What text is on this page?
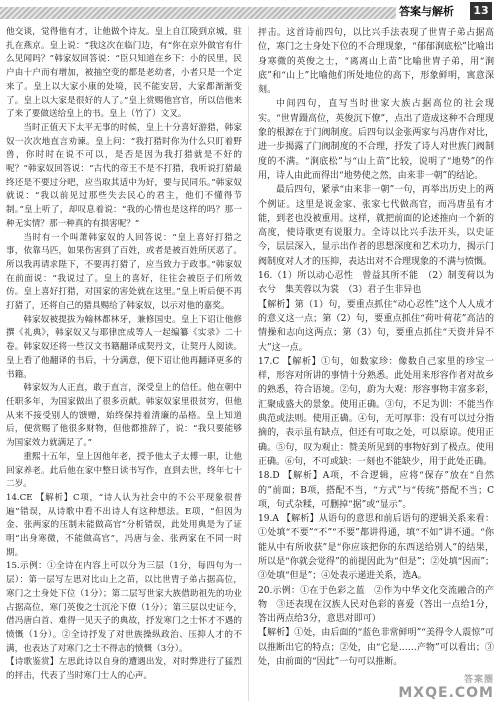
答案与解析	13

他交谈，觉得他有才，让他做个诗友。皇上自江陵到京城，驻扎在燕京。皇上说：“我这次在临门边，有“你在京外做官有什么见闻吗？”韩家奴回答说：“臣只知道在乡下：小的民里，民户由十户而有增加，被抽空变的都是老幼者，小者只是一个定来了。皇上以大家小康的处境，民不能安居，大家都渐渐变了。皇上以大家是很好的人了。”皇上赏赐他宫官，所以信他来了来了要做送给皇上的书。皇上（竹了）文叉。

当时正值天下太平无事的时候，皇上十分喜好游猎，韩家奴一次次地直言劝谏。皇上问：“我打猎时你为什么只盯着野兽，你时时在说不可以，是否是因为我打猎就是不好的呢？”韩家奴回答说：“古代的帝王不是不打猎，我听说打猎最终还是不要过分吧，应当取其适中为好，要与民同乐。”韩家奴就说：“我以前见过那些失去民心的君主，他们不懂得节制。”皇上听了，却叹息着说：“我的心情也是这样的吗？那一种无实情？那一种真的有损害呢？”

当时有一个叫萧韩家奴的人回答说：“皇上喜好打猎之事，依靠马匹，如果伤害到了百姓，或者是被百姓所厌恶了。所以我再请求陛下，不要再打猎了，应当致力于政事。”韩家奴在前面说：“我说过了。皇上的喜好，往往会被臣子们所效仿。皇上喜好打猎，对国家的害处就在这里。”皇上听后便不再打猎了，还将自己的猎具赐给了韩家奴，以示对他的嘉奖。

韩家奴被提拔为翰林都林牙，兼修国史。皇上下诏让他修撰《礼典》，韩家奴又与耶律庶成等人一起编纂《实录》二十卷。韩家奴还将一些汉文书籍翻译成契丹文，让契丹人阅读。皇上看了他翻译的书后，十分满意，便下诏让他再翻译更多的书籍。

韩家奴为人正直，敢于直言，深受皇上的信任。他在朝中任职多年，为国家做出了很多贡献。韩家奴家里很贫穷，但他从来不接受别人的馈赠，始终保持着清廉的品格。皇上知道后，便赏赐了他很多财物，但他都推辞了，说：“我只要能够为国家效力就满足了。”

重熙十五年，皇上因他年老，授予他太子太傅一职，让他回家养老。此后他在家中整日读书写作，直到去世，终年七十二岁。

14.CE 【解析】C项，“诗人认为社会中的不公平现象很普遍”错误，从诗歌中看不出诗人有这种想法。E项，“但因为金、张两家的压制未能做高官”分析错误，此处用典是为了证明“出身寒微，不能做高官”，冯唐与金、张两家在不同一时期。

15.示例：①全诗在内容上可以分为三层（1分，每四句为一层）：第一层写左思对比山上之苗，以比世胄子弟占据高位，寒门之士身处下位（1分）；第二层写世家大族借助祖先的功业占据高位，寒门英俊之士沉沦下僚（1分）；第三层以史证今，借冯唐白首、难得一见天子的典故，抒发寒门之士怀才不遇的愤慨（1分）。②全诗抒发了对世族操纵政治、压抑人才的不满，也表达了对寒门之士不得志的愤慨（3分）。

【诗歌鉴赏】左思此诗以自身的遭遇出发，对时弊进行了猛烈的抨击，代表了当时寒门士人的心声。

抨击。这首诗前四句，以比兴手法表现了世胄子弟占据高位，寒门之士身处下位的不合理现象，“郁郁涧底松”比喻出身寒微的英俊之士，“离离山上苗”比喻世胄子弟，用“涧底”和“山上”比喻他们所处地位的高下，形象鲜明，寓意深刻。

中间四句，直写当时世家大族占据高位的社会现实。“世胄蹑高位，英俊沉下僚”，点出了造成这种不合理现象的根源在于门阀制度。后四句以金张两家与冯唐作对比，进一步揭露了门阀制度的不合理，抒发了诗人对世族门阀制度的不满。“涧底松”与“山上苗”比较，说明了“地势”的作用，诗人由此而得出“地势使之然，由来非一朝”的结论。

最后四句，紧承“由来非一朝”一句，再举出历史上的两个例证。这里是说金家、张家七代做高官，而冯唐虽有才能，到老也没被重用。这样，就把前面的论述推向一个新的高度，使诗歌更有说服力。全诗以比兴手法开头，以史证今，层层深入，显示出作者的思想深度和艺术功力，揭示门阀制度对人才的压抑，表达出对不合理现象的不满与愤慨。

16.（1）所以动心忍性　曾益其所不能　（2）制芰荷以为衣兮　集芙蓉以为裳　（3）君子生非异也

【解析】第（1）句，要重点抓住“动心忍性”这个人人成才的意义这一点；第（2）句，要重点抓住“荷叶荷花”高洁的情操和志向这两点；第（3）句，要重点抓住“天资并异不大”这一点。

17.C 【解析】①句，如数家珍：像数自己家里的珍宝一样，形容对所讲的事情十分熟悉。此处用来形容作者对故乡的熟悉，符合语境。②句，蔚为大观：形容事物丰富多彩，汇聚成盛大的景象。使用正确。③句，不足为训：不能当作典范或法则。使用正确。④句，无可厚非：没有可以过分指摘的，表示虽有缺点，但还有可取之处，可以原谅。使用正确。⑤句，叹为观止：赞美所见到的事物好到了极点。使用正确。⑥句，不可或缺：一刻也不能缺少，用于此处正确。

18.D 【解析】A项，不合逻辑，应将“保存”放在“自然的”前面；B项，搭配不当，“方式”与“传统”搭配不当；C项，句式杂糅，可删掉“据”或“显示”。

19.A 【解析】从语句的意思和前后语句的逻辑关系来看：①处填“不要”“不”“不要”都讲得通，填“不如”讲不通。“你能从中有所收获”是“你应该把你的东西送给别人”的结果，所以是“你就会觉得”的前提因此为“但是”；②处填“因而”；③处填“但是”；④处表示递进关系，选A。

20.示例：①在于色彩之蓝　②作为中华文化交流融合的产物　③还表现在汉族人民对色彩的喜爱（答出一点给1分，答出两点给3分，意思对即可）

【解析】①处，由后面的“蓝色非常鲜明”“美得令人震惊”可以推断出它的特点；②处，由“它是……产物”可以看出；③处，由前面的“因此”一句可以推断。

答案圈
MXQE.COM
